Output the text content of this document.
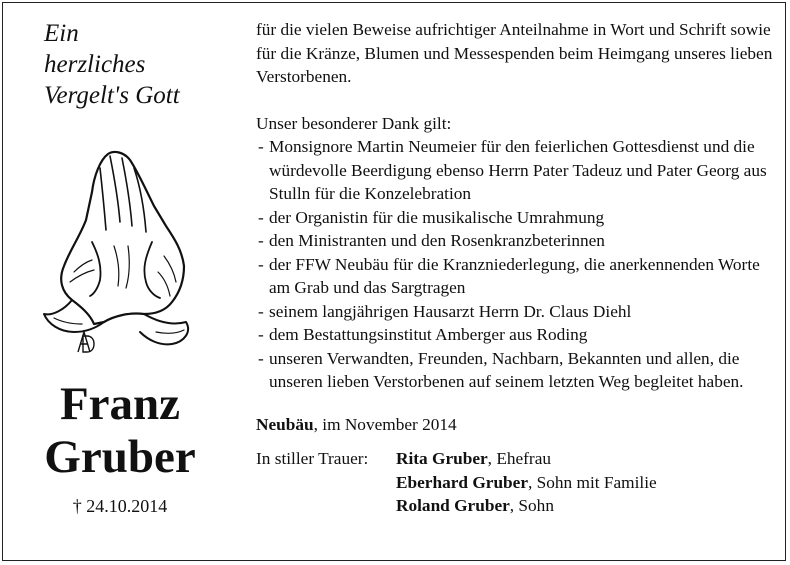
Ein
herzliches
Vergelt's Gott
Franz
Gruber
† 24.10.2014

für die vielen Beweise aufrichtiger Anteilnahme in Wort und Schrift sowie für die Kränze, Blumen und Messespenden beim Heimgang unseres lieben Verstorbenen.

Unser besonderer Dank gilt:

- Monsignore Martin Neumeier für den feierlichen Gottesdienst und die würdevolle Beerdigung ebenso Herrn Pater Tadeuz und Pater Georg aus Stulln für die Konzelebration
- der Organistin für die musikalische Umrahmung
- den Ministranten und den Rosenkranzbeterinnen
- der FFW Neubäu für die Kranzniederlegung, die anerkennenden Worte am Grab und das Sargtragen
- seinem langjährigen Hausarzt Herrn Dr. Claus Diehl
- dem Bestattungsinstitut Amberger aus Roding
- unseren Verwandten, Freunden, Nachbarn, Bekannten und allen, die unseren lieben Verstorbenen auf seinem letzten Weg begleitet haben.

Neubäu, im November 2014

In stiller Trauer:	Rita Gruber, Ehefrau
Eberhard Gruber, Sohn mit Familie
Roland Gruber, Sohn
